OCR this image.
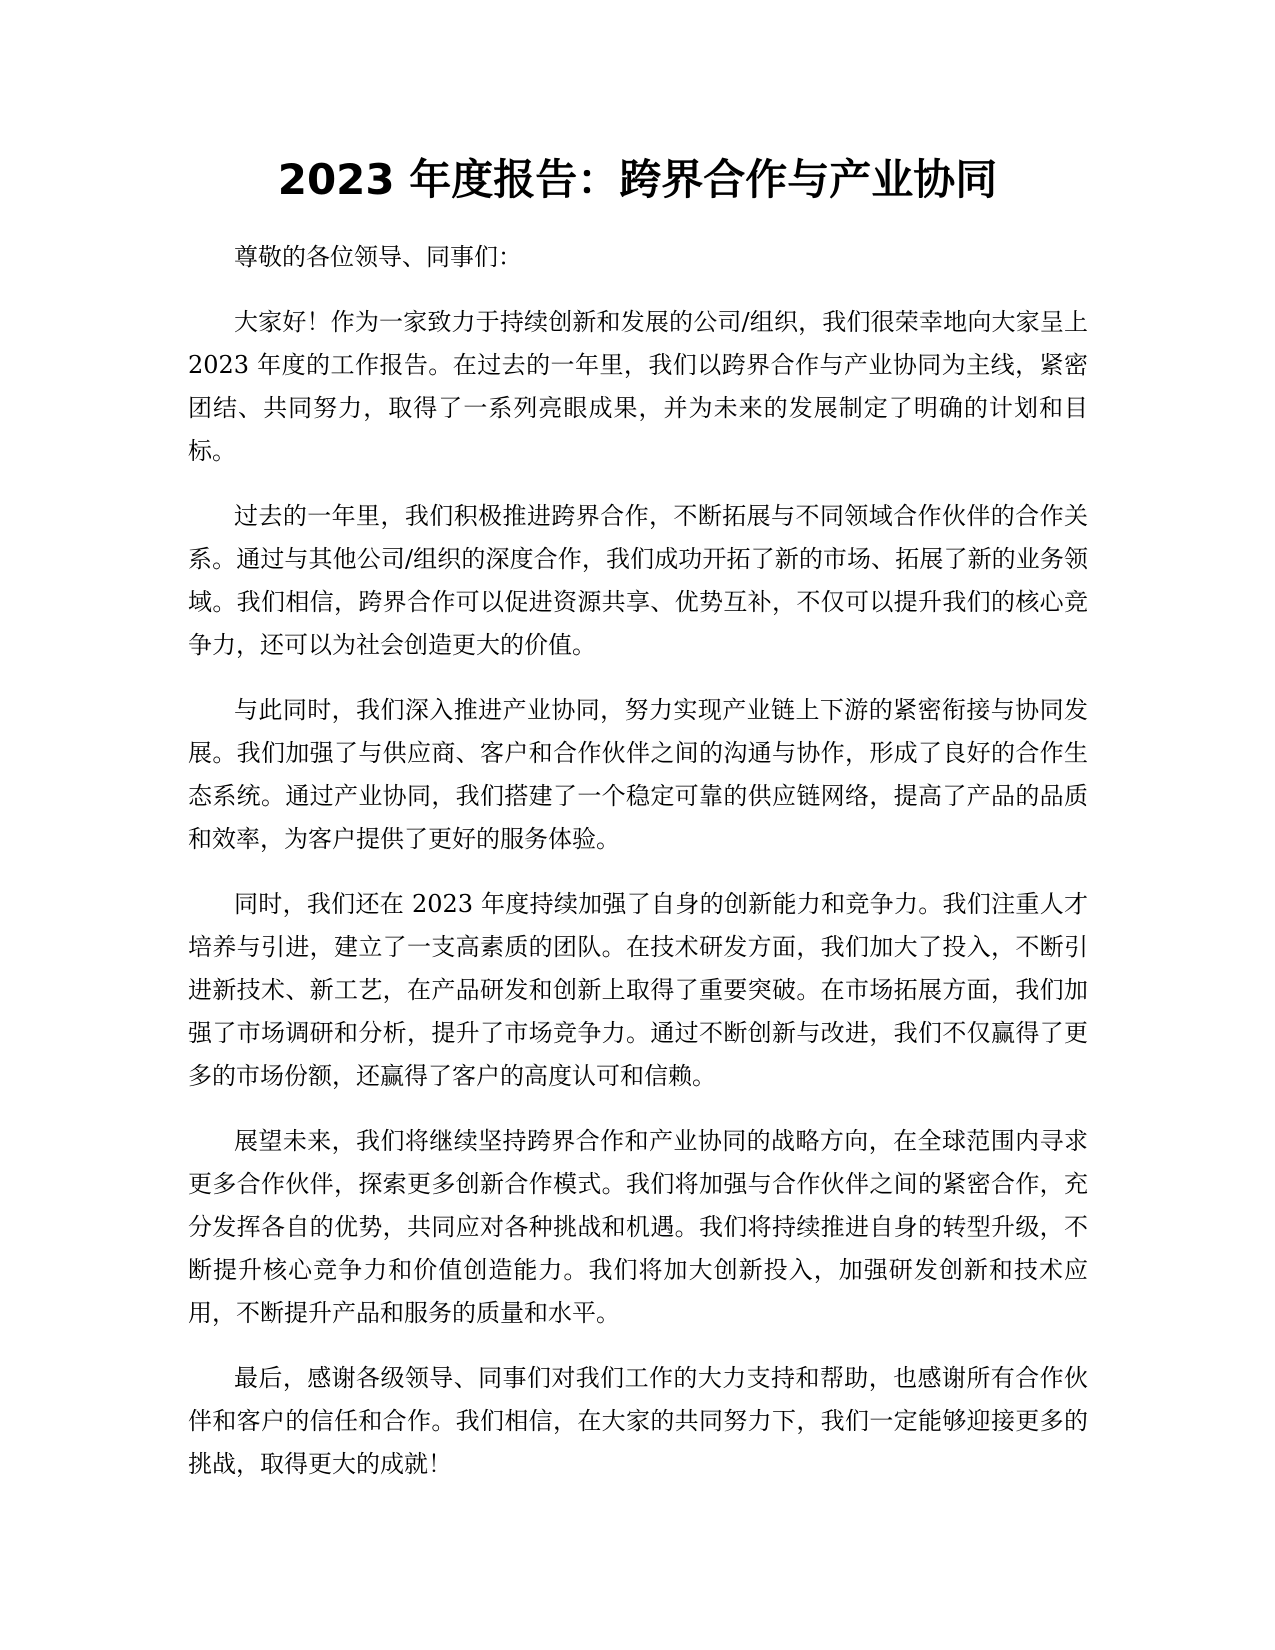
2023 年度报告：跨界合作与产业协同

尊敬的各位领导、同事们：

大家好！作为一家致力于持续创新和发展的公司/组织，我们很荣幸地向大家呈上 2023 年度的工作报告。在过去的一年里，我们以跨界合作与产业协同为主线，紧密团结、共同努力，取得了一系列亮眼成果，并为未来的发展制定了明确的计划和目标。

过去的一年里，我们积极推进跨界合作，不断拓展与不同领域合作伙伴的合作关系。通过与其他公司/组织的深度合作，我们成功开拓了新的市场、拓展了新的业务领域。我们相信，跨界合作可以促进资源共享、优势互补，不仅可以提升我们的核心竞争力，还可以为社会创造更大的价值。

与此同时，我们深入推进产业协同，努力实现产业链上下游的紧密衔接与协同发展。我们加强了与供应商、客户和合作伙伴之间的沟通与协作，形成了良好的合作生态系统。通过产业协同，我们搭建了一个稳定可靠的供应链网络，提高了产品的品质和效率，为客户提供了更好的服务体验。

同时，我们还在 2023 年度持续加强了自身的创新能力和竞争力。我们注重人才培养与引进，建立了一支高素质的团队。在技术研发方面，我们加大了投入，不断引进新技术、新工艺，在产品研发和创新上取得了重要突破。在市场拓展方面，我们加强了市场调研和分析，提升了市场竞争力。通过不断创新与改进，我们不仅赢得了更多的市场份额，还赢得了客户的高度认可和信赖。

展望未来，我们将继续坚持跨界合作和产业协同的战略方向，在全球范围内寻求更多合作伙伴，探索更多创新合作模式。我们将加强与合作伙伴之间的紧密合作，充分发挥各自的优势，共同应对各种挑战和机遇。我们将持续推进自身的转型升级，不断提升核心竞争力和价值创造能力。我们将加大创新投入，加强研发创新和技术应用，不断提升产品和服务的质量和水平。

最后，感谢各级领导、同事们对我们工作的大力支持和帮助，也感谢所有合作伙伴和客户的信任和合作。我们相信，在大家的共同努力下，我们一定能够迎接更多的挑战，取得更大的成就！
